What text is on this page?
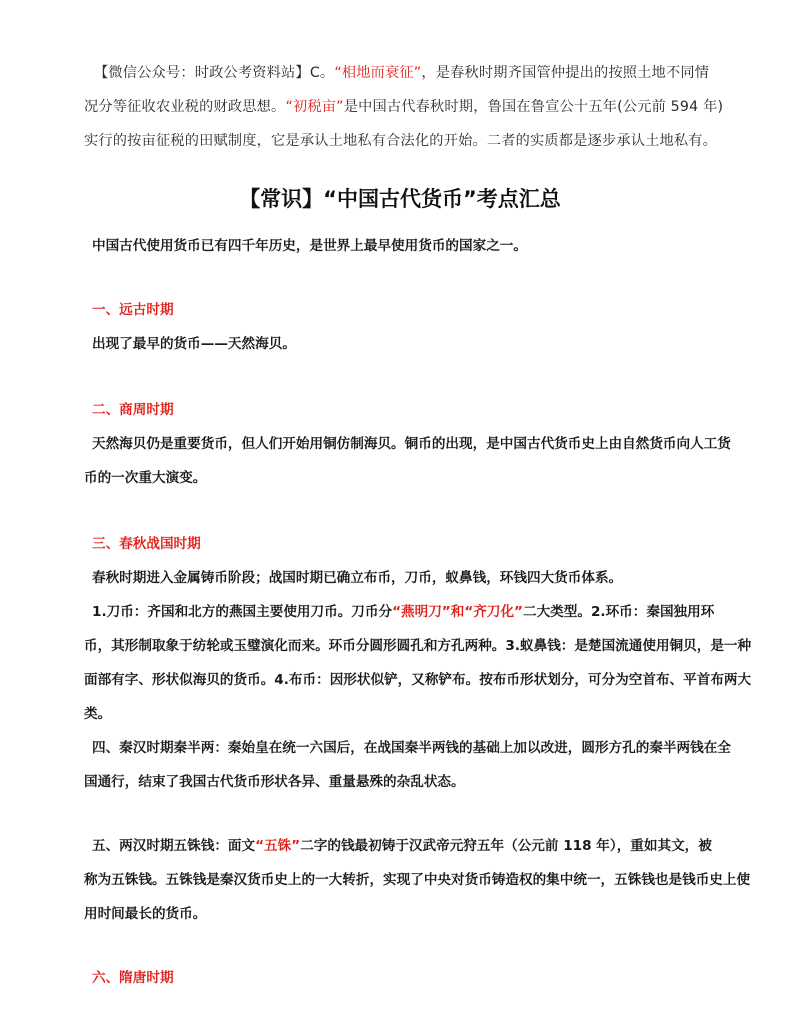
【微信公众号：时政公考资料站】C。“相地而衰征”，是春秋时期齐国管仲提出的按照土地不同情
况分等征收农业税的财政思想。“初税亩”是中国古代春秋时期，鲁国在鲁宣公十五年(公元前 594 年)
实行的按亩征税的田赋制度，它是承认土地私有合法化的开始。二者的实质都是逐步承认土地私有。
【常识】“中国古代货币”考点汇总
中国古代使用货币已有四千年历史，是世界上最早使用货币的国家之一。
一、远古时期
出现了最早的货币——天然海贝。
二、商周时期
天然海贝仍是重要货币，但人们开始用铜仿制海贝。铜币的出现，是中国古代货币史上由自然货币向人工货
币的一次重大演变。
三、春秋战国时期
春秋时期进入金属铸币阶段；战国时期已确立布币，刀币，蚁鼻钱，环钱四大货币体系。
1.刀币：齐国和北方的燕国主要使用刀币。刀币分“燕明刀”和“齐刀化”二大类型。2.环币：秦国独用环
币，其形制取象于纺轮或玉璧演化而来。环币分圆形圆孔和方孔两种。3.蚁鼻钱：是楚国流通使用铜贝，是一种
面部有字、形状似海贝的货币。4.布币：因形状似铲，又称铲布。按布币形状划分，可分为空首布、平首布两大
类。
四、秦汉时期秦半两：秦始皇在统一六国后，在战国秦半两钱的基础上加以改进，圆形方孔的秦半两钱在全
国通行，结束了我国古代货币形状各异、重量悬殊的杂乱状态。
五、两汉时期五铢钱：面文“五铢”二字的钱最初铸于汉武帝元狩五年（公元前 118 年），重如其文，被
称为五铢钱。五铢钱是秦汉货币史上的一大转折，实现了中央对货币铸造权的集中统一，五铢钱也是钱币史上使
用时间最长的货币。
六、隋唐时期
